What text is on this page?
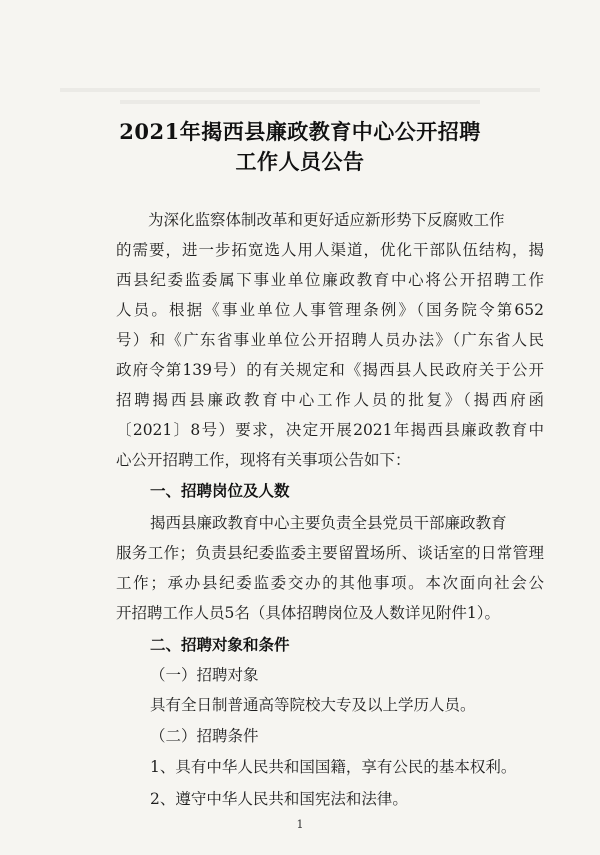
2021年揭西县廉政教育中心公开招聘
工作人员公告
为深化监察体制改革和更好适应新形势下反腐败工作
的需要，进一步拓宽选人用人渠道，优化干部队伍结构，揭
西县纪委监委属下事业单位廉政教育中心将公开招聘工作
人员。根据《事业单位人事管理条例》（国务院令第652
号）和《广东省事业单位公开招聘人员办法》（广东省人民
政府令第139号）的有关规定和《揭西县人民政府关于公开
招聘揭西县廉政教育中心工作人员的批复》（揭西府函
〔2021〕8号）要求，决定开展2021年揭西县廉政教育中
心公开招聘工作，现将有关事项公告如下：
一、招聘岗位及人数
揭西县廉政教育中心主要负责全县党员干部廉政教育
服务工作；负责县纪委监委主要留置场所、谈话室的日常管理
工作；承办县纪委监委交办的其他事项。本次面向社会公
开招聘工作人员5名（具体招聘岗位及人数详见附件1）。
二、招聘对象和条件
（一）招聘对象
具有全日制普通高等院校大专及以上学历人员。
（二）招聘条件
1、具有中华人民共和国国籍，享有公民的基本权利。
2、遵守中华人民共和国宪法和法律。
1
